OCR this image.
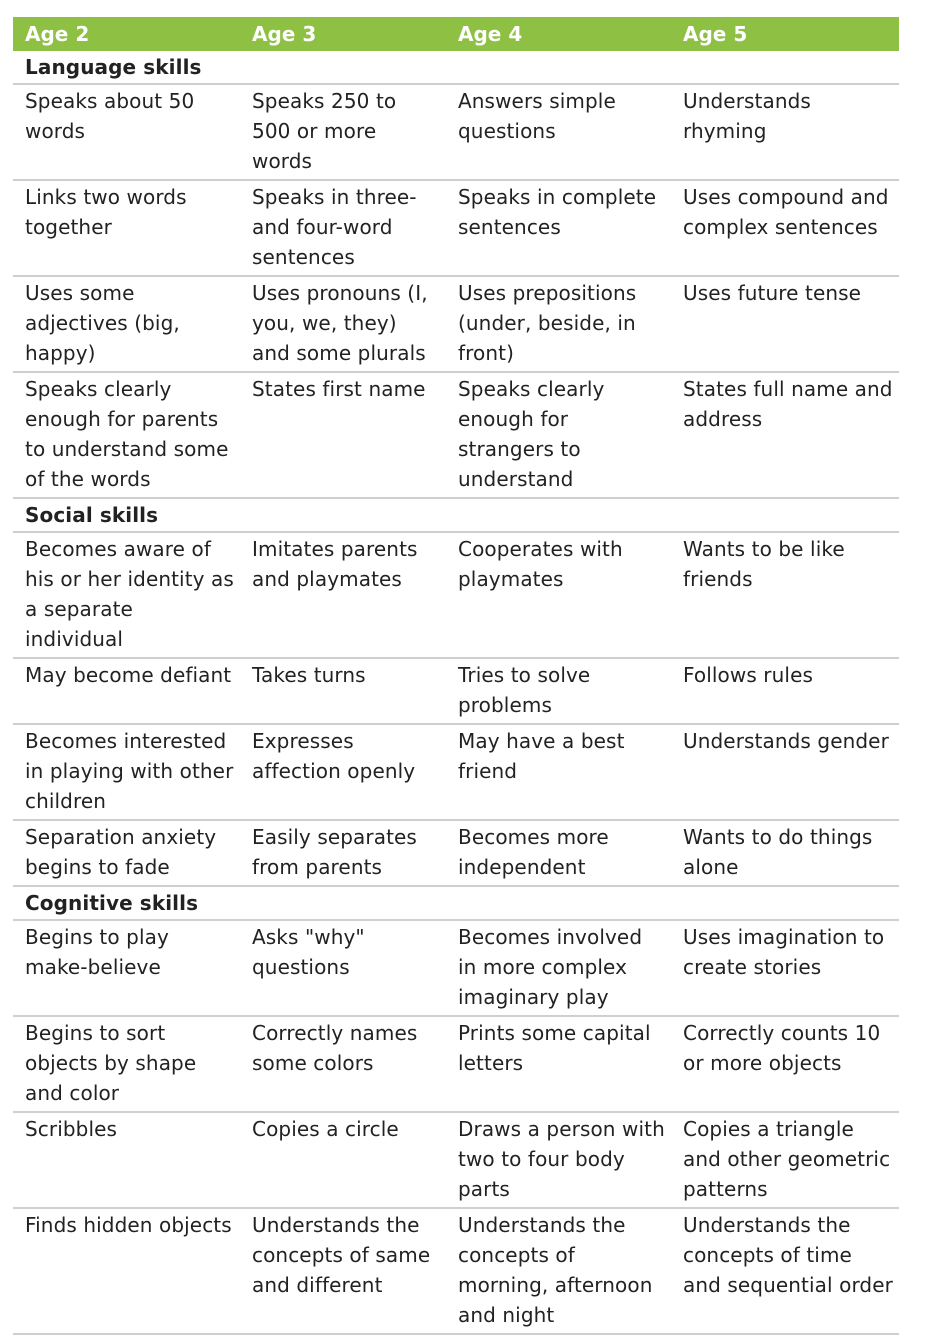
Age 2	Age 3	Age 4	Age 5
Language skills			
Speaks about 50 words	Speaks 250 to 500 or more words	Answers simple questions	Understands rhyming
Links two words together	Speaks in three- and four-word sentences	Speaks in complete sentences	Uses compound and complex sentences
Uses some adjectives (big, happy)	Uses pronouns (I, you, we, they) and some plurals	Uses prepositions (under, beside, in front)	Uses future tense
Speaks clearly enough for parents to understand some of the words	States first name	Speaks clearly enough for strangers to understand	States full name and address
Social skills			
Becomes aware of his or her identity as a separate individual	Imitates parents and playmates	Cooperates with playmates	Wants to be like friends
May become defiant	Takes turns	Tries to solve problems	Follows rules
Becomes interested in playing with other children	Expresses affection openly	May have a best friend	Understands gender
Separation anxiety begins to fade	Easily separates from parents	Becomes more independent	Wants to do things alone
Cognitive skills			
Begins to play make-believe	Asks "why" questions	Becomes involved in more complex imaginary play	Uses imagination to create stories
Begins to sort objects by shape and color	Correctly names some colors	Prints some capital letters	Correctly counts 10 or more objects
Scribbles	Copies a circle	Draws a person with two to four body parts	Copies a triangle and other geometric patterns
Finds hidden objects	Understands the concepts of same and different	Understands the concepts of morning, afternoon and night	Understands the concepts of time and sequential order
